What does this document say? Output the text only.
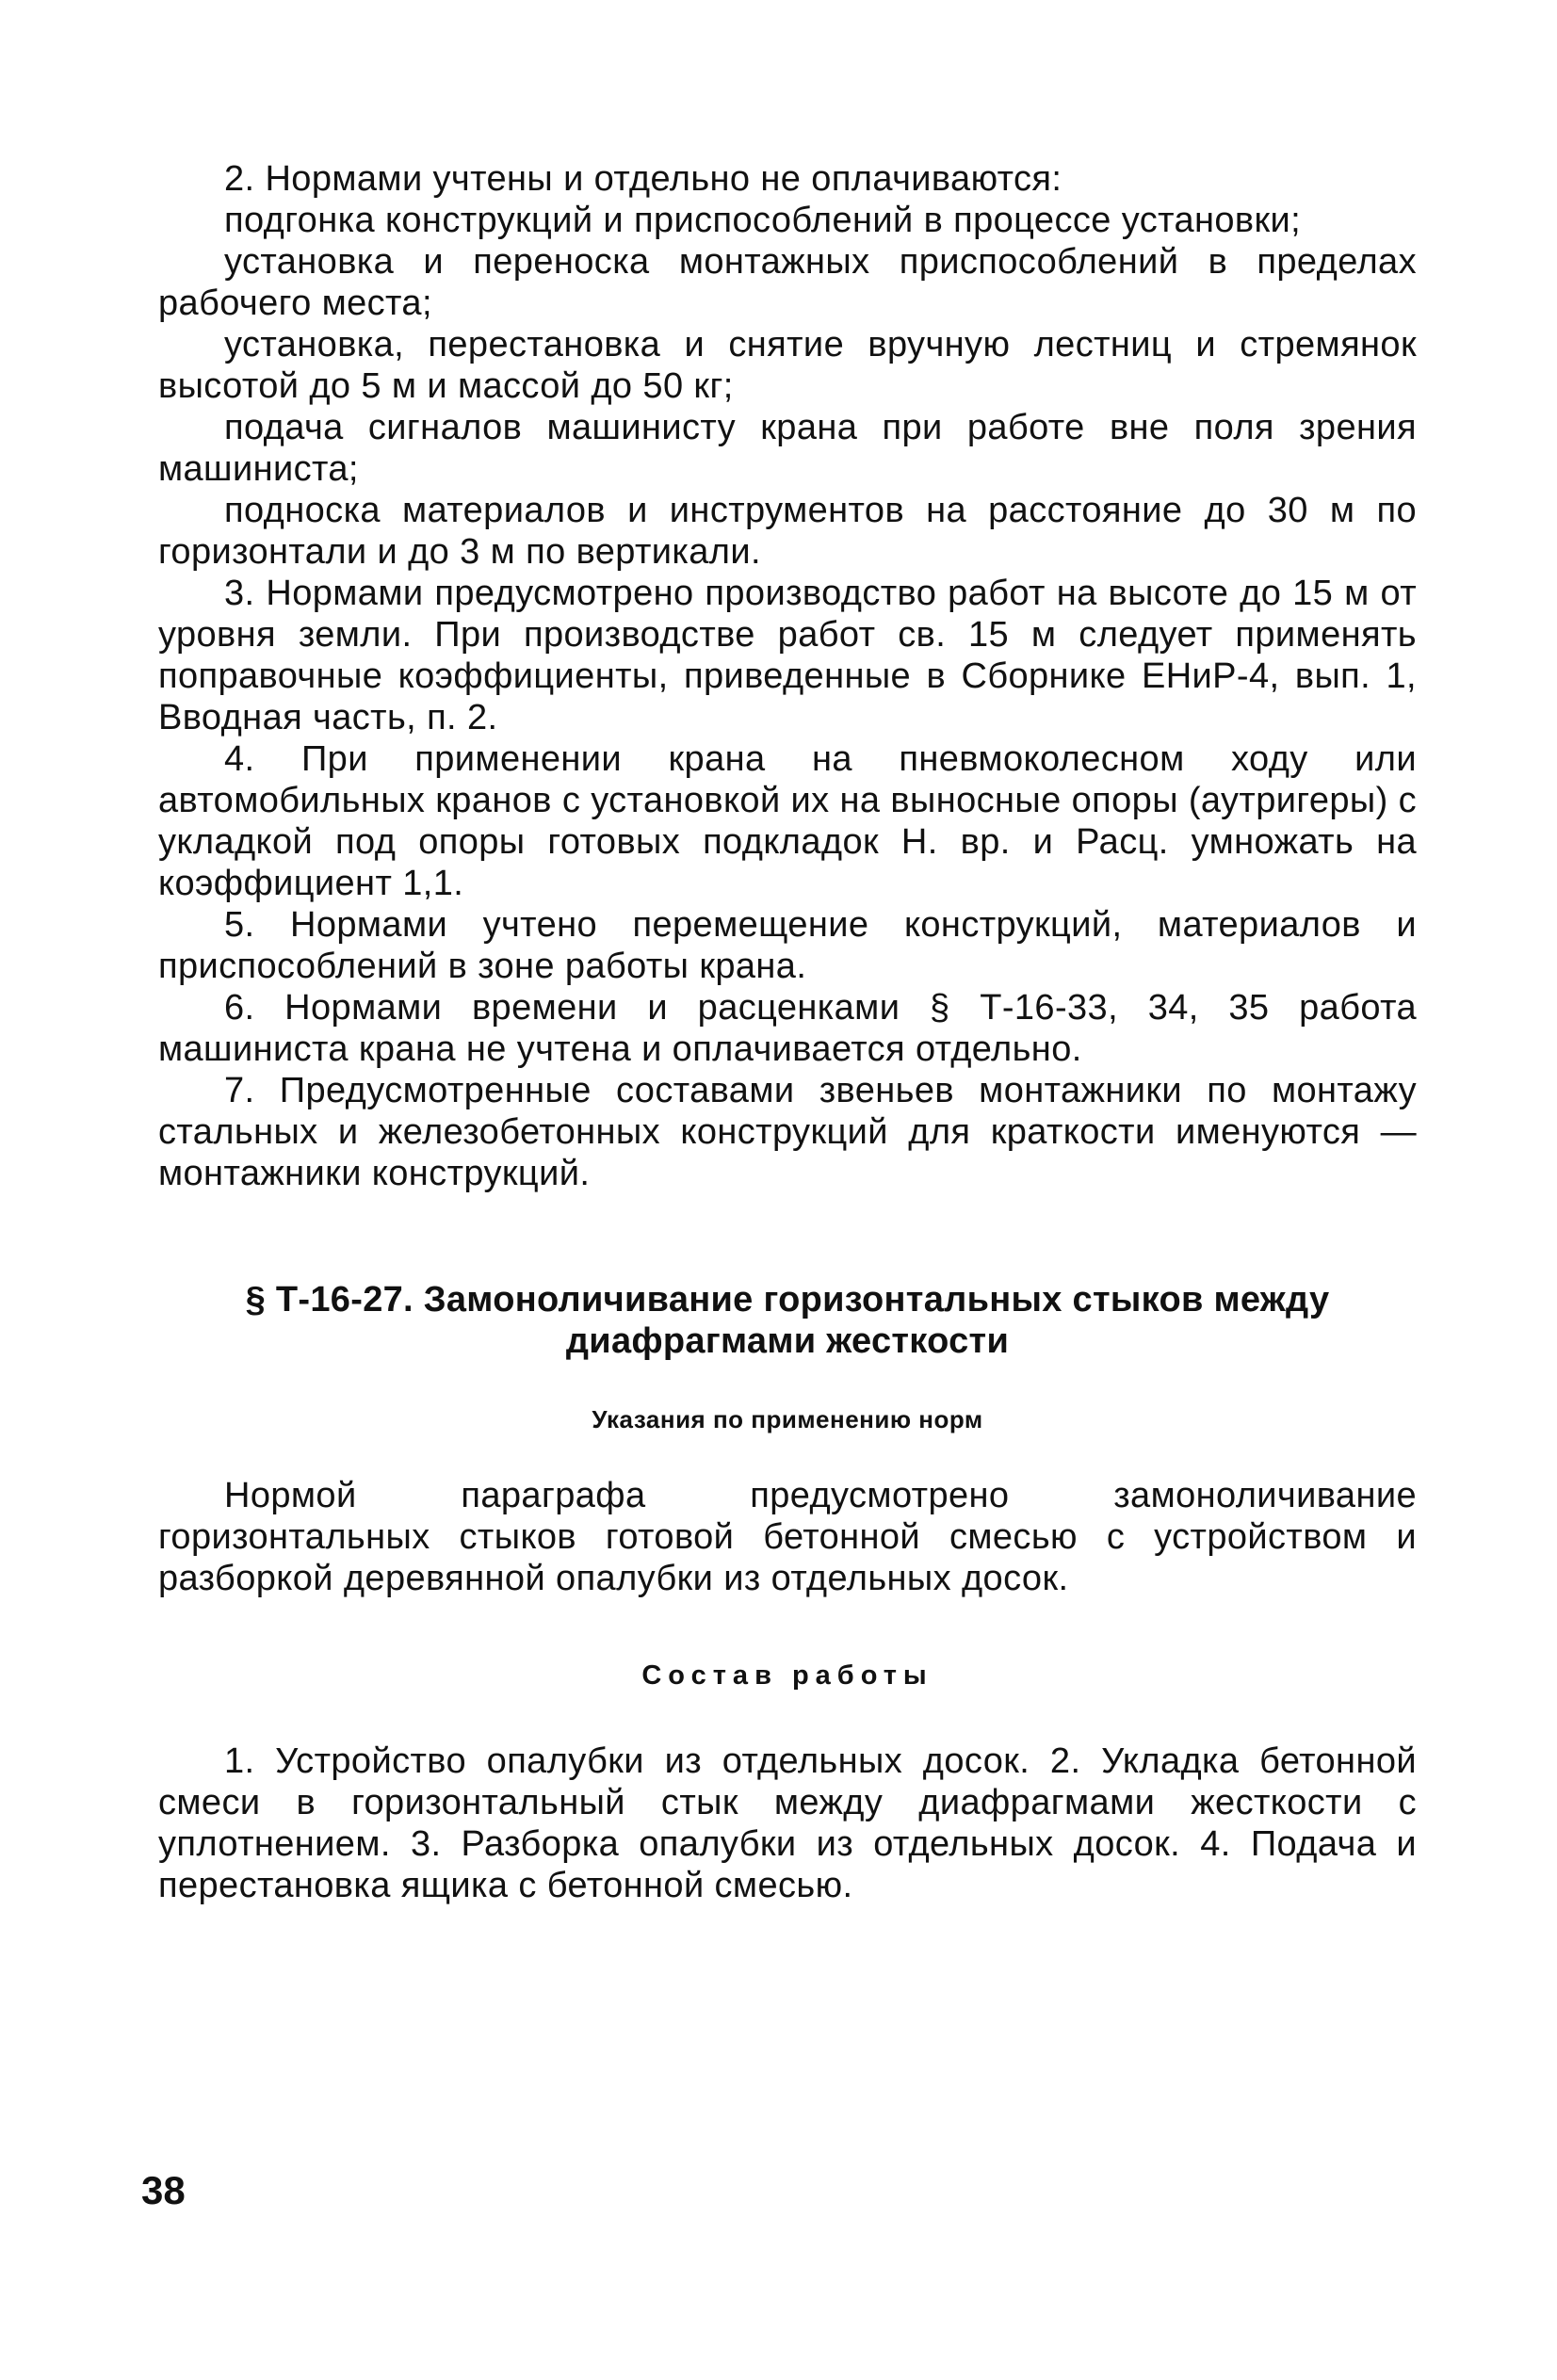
2. Нормами учтены и отдельно не оплачиваются:

подгонка конструкций и приспособлений в процессе установки;

установка и переноска монтажных приспособлений в пределах рабочего места;

установка, перестановка и снятие вручную лестниц и стремянок высотой до 5 м и массой до 50 кг;

подача сигналов машинисту крана при работе вне поля зрения машиниста;

подноска материалов и инструментов на расстояние до 30 м по горизонтали и до 3 м по вертикали.

3. Нормами предусмотрено производство работ на высоте до 15 м от уровня земли. При производстве работ св. 15 м следует применять поправочные коэффициенты, приведенные в Сборнике ЕНиР-4, вып. 1, Вводная часть, п. 2.

4. При применении крана на пневмоколесном ходу или автомобильных кранов с установкой их на выносные опоры (аутригеры) с укладкой под опоры готовых подкладок Н. вр. и Расц. умножать на коэффициент 1,1.

5. Нормами учтено перемещение конструкций, материалов и приспособлений в зоне работы крана.

6. Нормами времени и расценками § Т-16-33, 34, 35 работа машиниста крана не учтена и оплачивается отдельно.

7. Предусмотренные составами звеньев монтажники по монтажу стальных и железобетонных конструкций для краткости именуются — монтажники конструкций.

§ Т-16-27. Замоноличивание горизонтальных стыков между
диафрагмами жесткости
Указания по применению норм

Нормой параграфа предусмотрено замоноличивание горизонтальных стыков готовой бетонной смесью с устройством и разборкой деревянной опалубки из отдельных досок.

Состав работы

1. Устройство опалубки из отдельных досок. 2. Укладка бетонной смеси в горизонтальный стык между диафрагмами жесткости с уплотнением. 3. Разборка опалубки из отдельных досок. 4. Подача и перестановка ящика с бетонной смесью.

38
